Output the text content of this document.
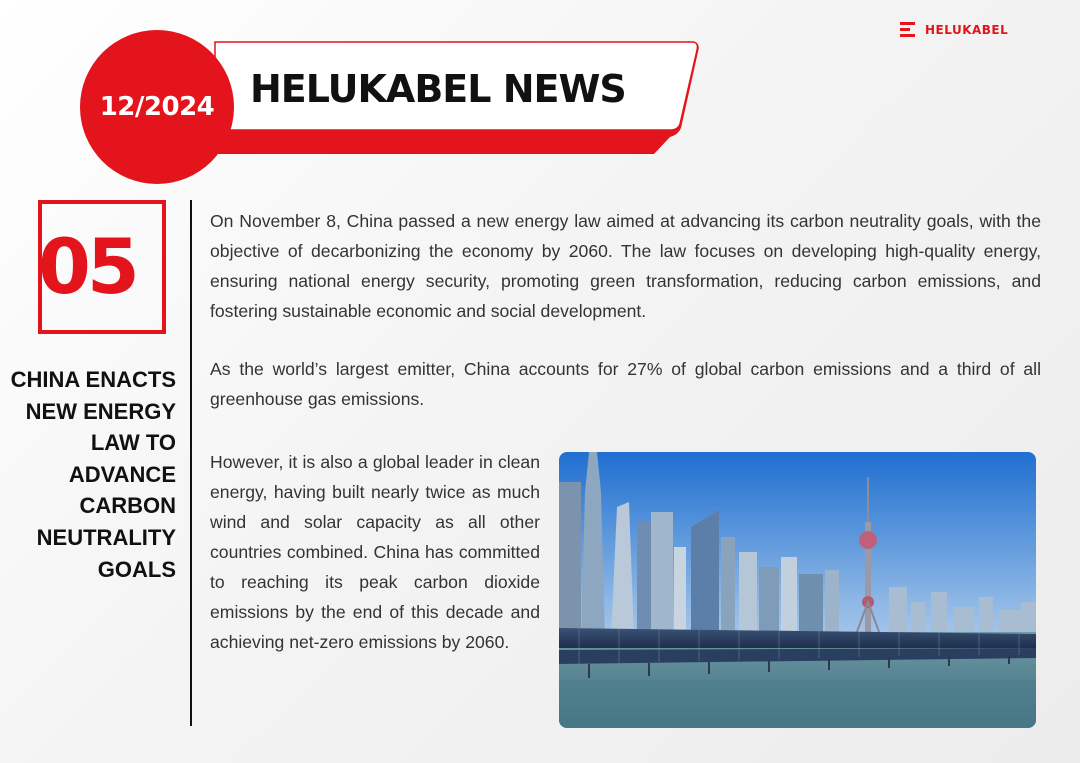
HELUKABEL
HELUKABEL NEWS
12/2024
05
CHINA ENACTS NEW ENERGY LAW TO ADVANCE CARBON NEUTRALITY GOALS

On November 8, China passed a new energy law aimed at advancing its carbon neutrality goals, with the objective of decarbonizing the economy by 2060. The law focuses on developing high-quality energy, ensuring national energy security, promoting green transformation, reducing carbon emissions, and fostering sustainable economic and social development.

As the world’s largest emitter, China accounts for 27% of global carbon emissions and a third of all greenhouse gas emissions.

However, it is also a global leader in clean energy, having built nearly twice as much wind and solar capacity as all other countries combined. China has committed to reaching its peak carbon dioxide emissions by the end of this decade and achieving net-zero emissions by 2060.
